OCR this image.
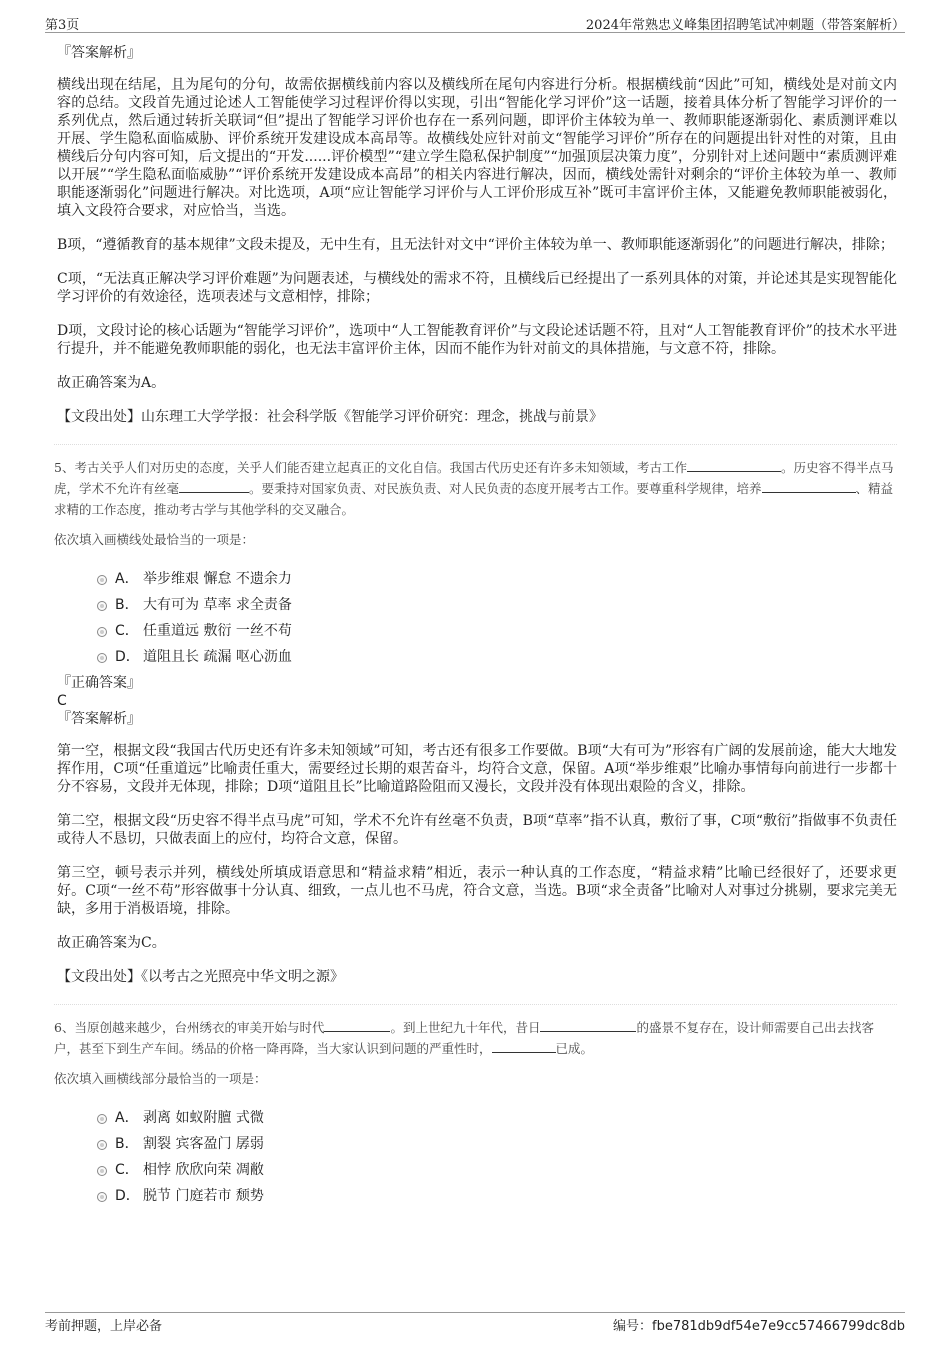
第3页	2024年常熟忠义峰集团招聘笔试冲刺题（带答案解析）

『答案解析』

横线出现在结尾，且为尾句的分句，故需依据横线前内容以及横线所在尾句内容进行分析。根据横线前“因此”可知，横线处是对前文内容的总结。文段首先通过论述人工智能使学习过程评价得以实现，引出“智能化学习评价”这一话题，接着具体分析了智能学习评价的一系列优点，然后通过转折关联词“但”提出了智能学习评价也存在一系列问题，即评价主体较为单一、教师职能逐渐弱化、素质测评难以开展、学生隐私面临威胁、评价系统开发建设成本高昂等。故横线处应针对前文“智能学习评价”所存在的问题提出针对性的对策，且由横线后分句内容可知，后文提出的“开发......评价模型”“建立学生隐私保护制度”“加强顶层决策力度”，分别针对上述问题中“素质测评难以开展”“学生隐私面临威胁”“评价系统开发建设成本高昂”的相关内容进行解决，因而，横线处需针对剩余的“评价主体较为单一、教师职能逐渐弱化”问题进行解决。对比选项，A项“应让智能学习评价与人工评价形成互补”既可丰富评价主体，又能避免教师职能被弱化，填入文段符合要求，对应恰当，当选。

B项，“遵循教育的基本规律”文段未提及，无中生有，且无法针对文中“评价主体较为单一、教师职能逐渐弱化”的问题进行解决，排除；

C项，“无法真正解决学习评价难题”为问题表述，与横线处的需求不符，且横线后已经提出了一系列具体的对策，并论述其是实现智能化学习评价的有效途径，选项表述与文意相悖，排除；

D项，文段讨论的核心话题为“智能学习评价”，选项中“人工智能教育评价”与文段论述话题不符，且对“人工智能教育评价”的技术水平进行提升，并不能避免教师职能的弱化，也无法丰富评价主体，因而不能作为针对前文的具体措施，与文意不符，排除。

故正确答案为A。

【文段出处】山东理工大学学报：社会科学版《智能学习评价研究：理念，挑战与前景》

5、考古关乎人们对历史的态度，关乎人们能否建立起真正的文化自信。我国古代历史还有许多未知领域，考古工作	。历史容不得半点马虎，学术不允许有丝毫	。要秉持对国家负责、对民族负责、对人民负责的态度开展考古工作。要尊重科学规律，培养	、精益求精的工作态度，推动考古学与其他学科的交叉融合。

依次填入画横线处最恰当的一项是：

A． 举步维艰 懈怠 不遗余力
B． 大有可为 草率 求全责备
C． 任重道远 敷衍 一丝不苟
D． 道阻且长 疏漏 呕心沥血

『正确答案』

C

『答案解析』

第一空，根据文段“我国古代历史还有许多未知领域”可知，考古还有很多工作要做。B项“大有可为”形容有广阔的发展前途，能大大地发挥作用，C项“任重道远”比喻责任重大，需要经过长期的艰苦奋斗，均符合文意，保留。A项“举步维艰”比喻办事情每向前进行一步都十分不容易，文段并无体现，排除；D项“道阻且长”比喻道路险阻而又漫长，文段并没有体现出艰险的含义，排除。

第二空，根据文段“历史容不得半点马虎”可知，学术不允许有丝毫不负责，B项“草率”指不认真，敷衍了事，C项“敷衍”指做事不负责任或待人不恳切，只做表面上的应付，均符合文意，保留。

第三空，顿号表示并列，横线处所填成语意思和“精益求精”相近，表示一种认真的工作态度，“精益求精”比喻已经很好了，还要求更好。C项“一丝不苟”形容做事十分认真、细致，一点儿也不马虎，符合文意，当选。B项“求全责备”比喻对人对事过分挑剔，要求完美无缺，多用于消极语境，排除。

故正确答案为C。

【文段出处】《以考古之光照亮中华文明之源》

6、当原创越来越少，台州绣衣的审美开始与时代	。到上世纪九十年代，昔日	的盛景不复存在，设计师需要自己出去找客户，甚至下到生产车间。绣品的价格一降再降，当大家认识到问题的严重性时，	已成。

依次填入画横线部分最恰当的一项是：

A． 剥离 如蚁附膻 式微
B． 割裂 宾客盈门 孱弱
C． 相悖 欣欣向荣 凋敝
D． 脱节 门庭若市 颓势
考前押题，上岸必备	编号：fbe781db9df54e7e9cc57466799dc8db
